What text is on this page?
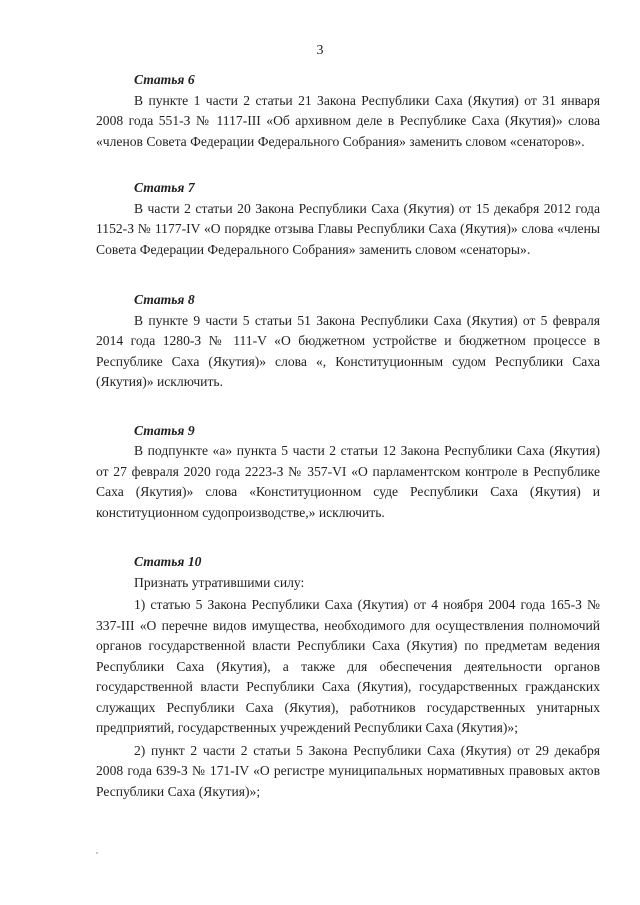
3

Статья 6

В пункте 1 части 2 статьи 21 Закона Республики Саха (Якутия) от 31 января 2008 года 551-З № 1117-III «Об архивном деле в Республике Саха (Якутия)» слова «членов Совета Федерации Федерального Собрания» заменить словом «сенаторов».

Статья 7

В части 2 статьи 20 Закона Республики Саха (Якутия) от 15 декабря 2012 года 1152-З № 1177-IV «О порядке отзыва Главы Республики Саха (Якутия)» слова «члены Совета Федерации Федерального Собрания» заменить словом «сенаторы».

Статья 8

В пункте 9 части 5 статьи 51 Закона Республики Саха (Якутия) от 5 февраля 2014 года 1280-З № 111-V «О бюджетном устройстве и бюджетном процессе в Республике Саха (Якутия)» слова «, Конституционным судом Республики Саха (Якутия)» исключить.

Статья 9

В подпункте «а» пункта 5 части 2 статьи 12 Закона Республики Саха (Якутия) от 27 февраля 2020 года 2223-З № 357-VI «О парламентском контроле в Республике Саха (Якутия)» слова «Конституционном суде Республики Саха (Якутия) и конституционном судопроизводстве,» исключить.

Статья 10

Признать утратившими силу:

1) статью 5 Закона Республики Саха (Якутия) от 4 ноября 2004 года 165-З № 337-III «О перечне видов имущества, необходимого для осуществления полномочий органов государственной власти Республики Саха (Якутия) по предметам ведения Республики Саха (Якутия), а также для обеспечения деятельности органов государственной власти Республики Саха (Якутия), государственных гражданских служащих Республики Саха (Якутия), работников государственных унитарных предприятий, государственных учреждений Республики Саха (Якутия)»;

2) пункт 2 части 2 статьи 5 Закона Республики Саха (Якутия) от 29 декабря 2008 года 639-З № 171-IV «О регистре муниципальных нормативных правовых актов Республики Саха (Якутия)»;
